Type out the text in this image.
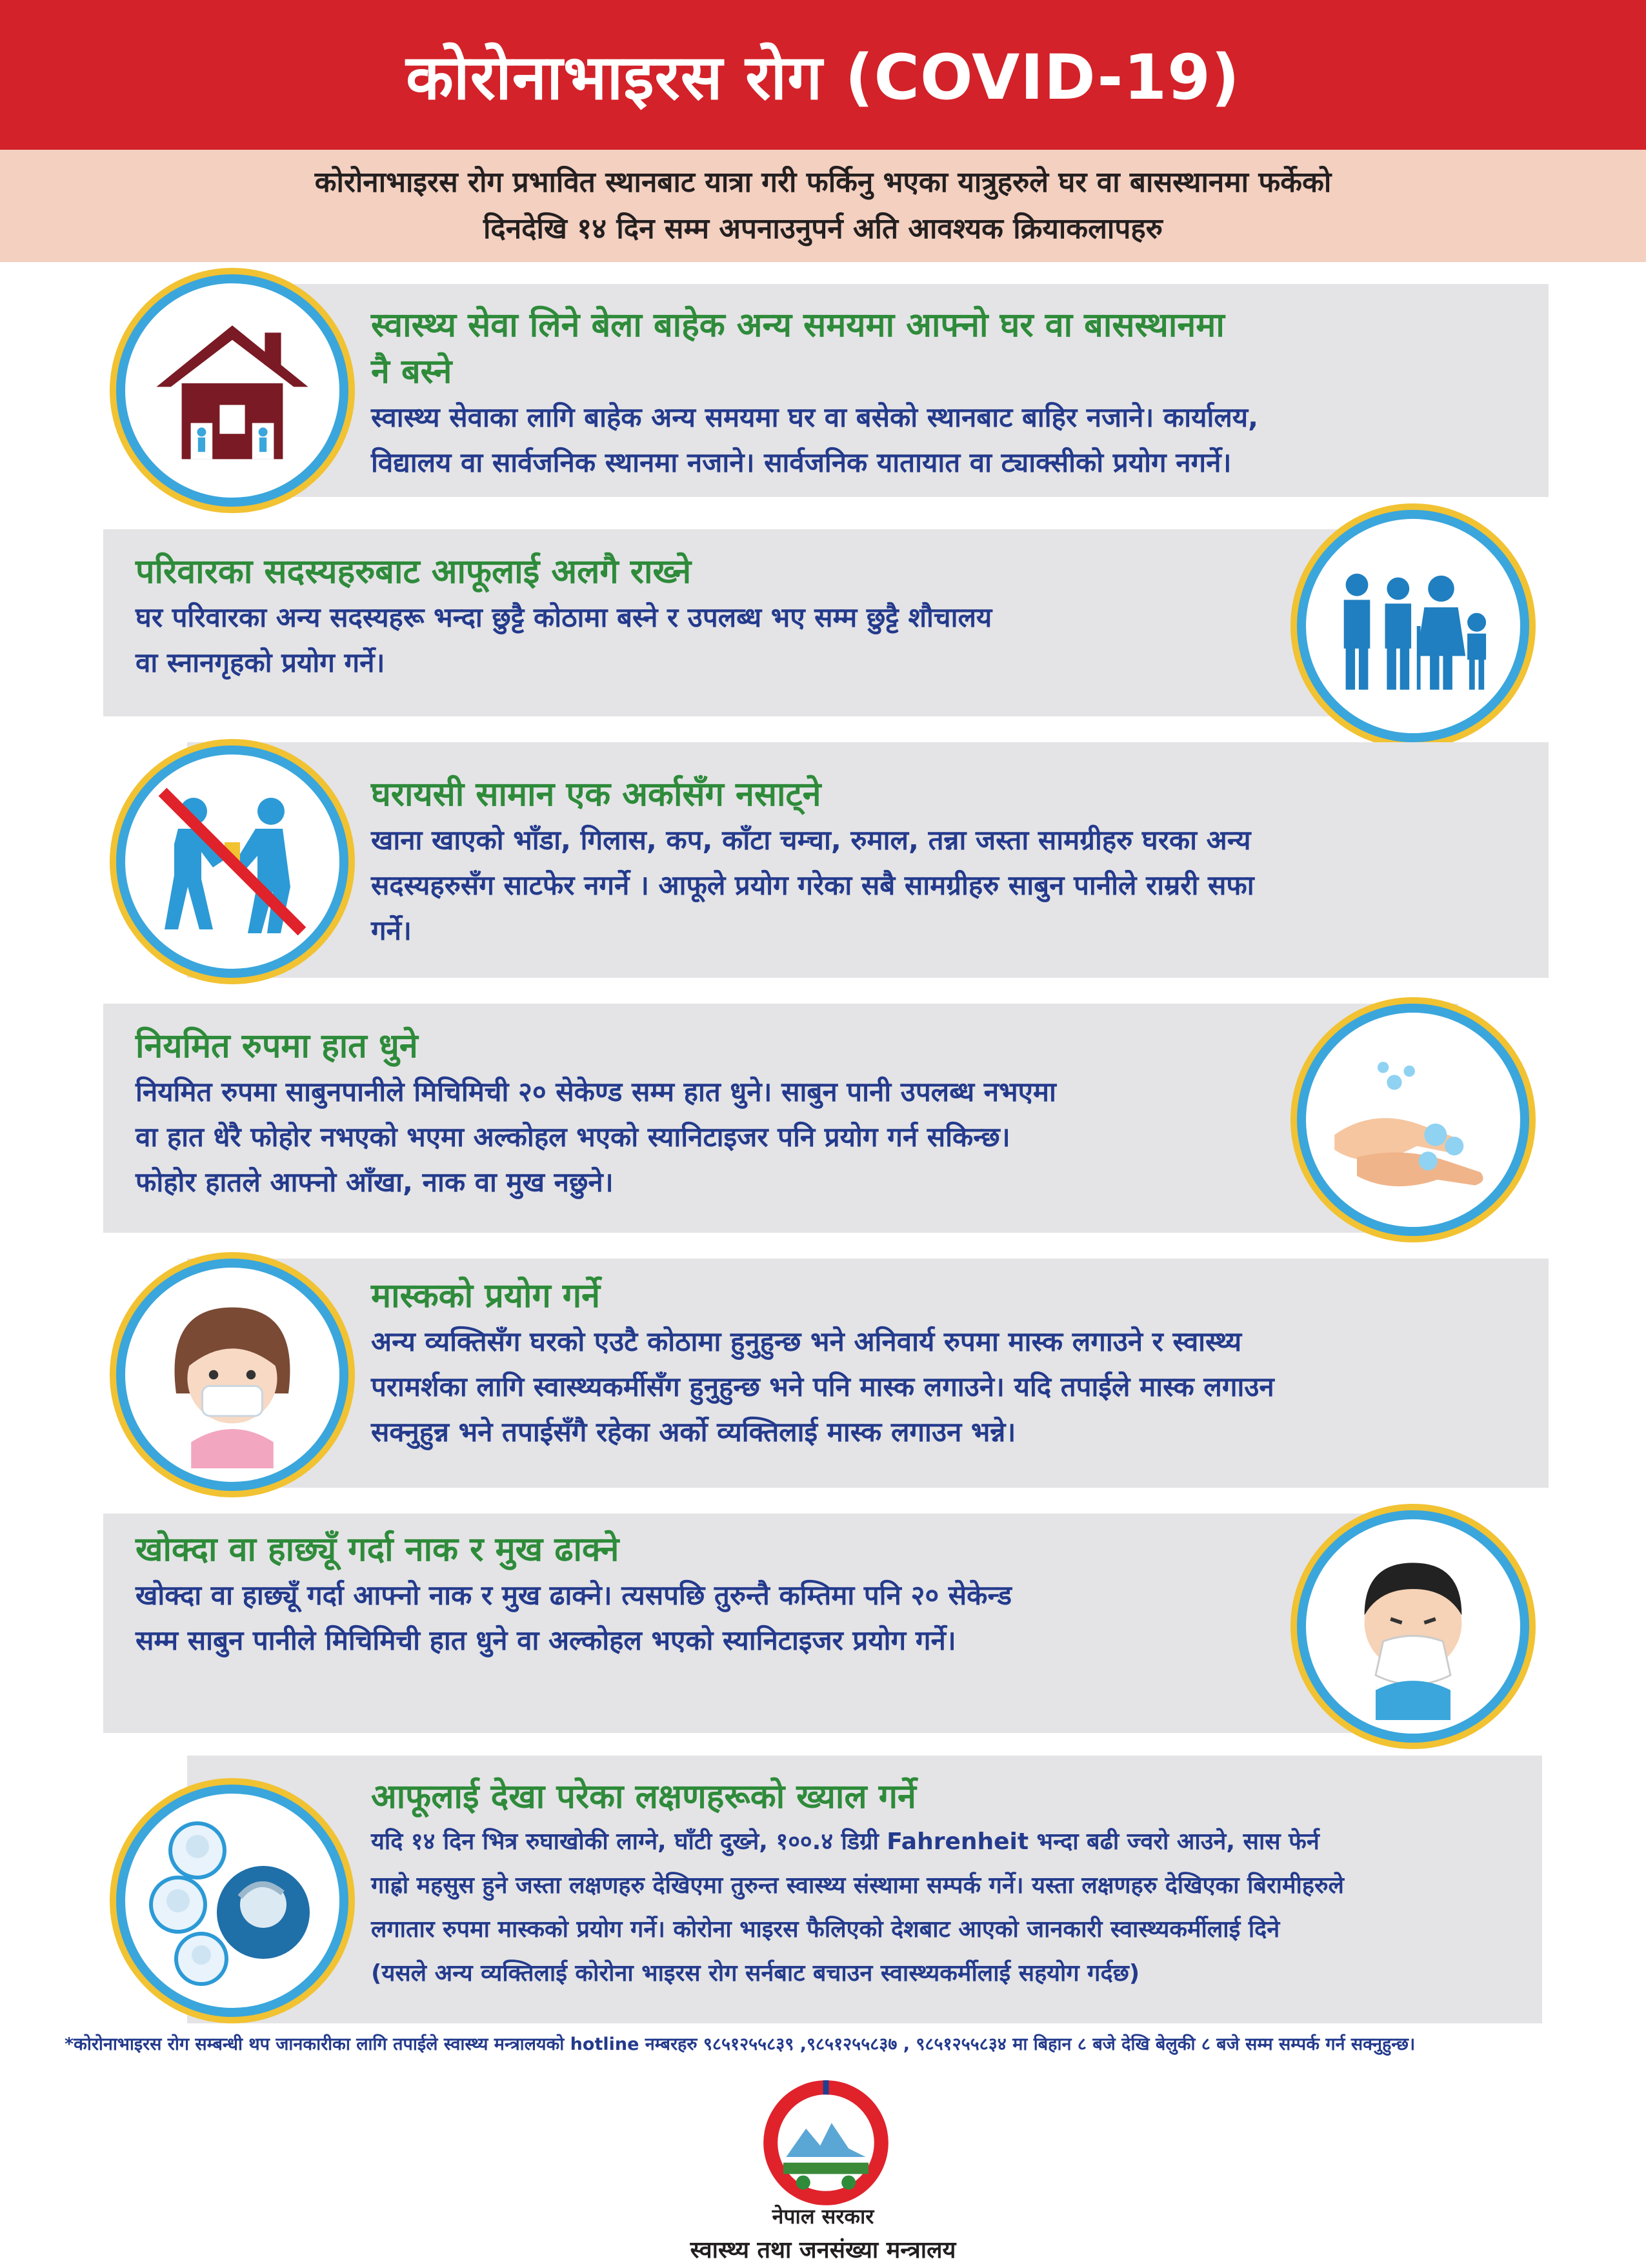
कोरोनाभाइरस रोग (COVID-19)

कोरोनाभाइरस रोग प्रभावित स्थानबाट यात्रा गरी फर्किनु भएका यात्रुहरुले घर वा बासस्थानमा फर्केको

दिनदेखि १४ दिन सम्म अपनाउनुपर्न अति आवश्यक क्रियाकलापहरु

स्वास्थ्य सेवा लिने बेला बाहेक अन्य समयमा आफ्नो घर वा बासस्थानमा

नै बस्ने

स्वास्थ्य सेवाका लागि बाहेक अन्य समयमा घर वा बसेको स्थानबाट बाहिर नजाने। कार्यालय,

विद्यालय वा सार्वजनिक स्थानमा नजाने। सार्वजनिक यातायात वा ट्याक्सीको प्रयोग नगर्ने।

परिवारका सदस्यहरुबाट आफूलाई अलगै राख्ने

घर परिवारका अन्य सदस्यहरू भन्दा छुट्टै कोठामा बस्ने र उपलब्ध भए सम्म छुट्टै शौचालय

वा स्नानगृहको प्रयोग गर्ने।

घरायसी सामान एक अर्कासँग नसाट्ने

खाना खाएको भाँडा, गिलास, कप, काँटा चम्चा, रुमाल, तन्ना जस्ता सामग्रीहरु घरका अन्य

सदस्यहरुसँग साटफेर नगर्ने । आफूले प्रयोग गरेका सबै सामग्रीहरु साबुन पानीले राम्ररी सफा

गर्ने।

नियमित रुपमा हात धुने

नियमित रुपमा साबुनपानीले मिचिमिची २० सेकेण्ड सम्म हात धुने। साबुन पानी उपलब्ध नभएमा

वा हात धेरै फोहोर नभएको भएमा अल्कोहल भएको स्यानिटाइजर पनि प्रयोग गर्न सकिन्छ।

फोहोर हातले आफ्नो आँखा, नाक वा मुख नछुने।

मास्कको प्रयोग गर्ने

अन्य व्यक्तिसँग घरको एउटै कोठामा हुनुहुन्छ भने अनिवार्य रुपमा मास्क लगाउने र स्वास्थ्य

परामर्शका लागि स्वास्थ्यकर्मीसँग हुनुहुन्छ भने पनि मास्क लगाउने। यदि तपाईले मास्क लगाउन

सक्नुहुन्न भने तपाईसँगै रहेका अर्को व्यक्तिलाई मास्क लगाउन भन्ने।

खोक्दा वा हाछ्यूँ गर्दा नाक र मुख ढाक्ने

खोक्दा वा हाछ्यूँ गर्दा आफ्नो नाक र मुख ढाक्ने। त्यसपछि तुरुन्तै कम्तिमा पनि २० सेकेन्ड

सम्म साबुन पानीले मिचिमिची हात धुने वा अल्कोहल भएको स्यानिटाइजर प्रयोग गर्ने।

आफूलाई देखा परेका लक्षणहरूको ख्याल गर्ने

यदि १४ दिन भित्र रुघाखोकी लाग्ने, घाँटी दुख्ने, १००.४ डिग्री Fahrenheit भन्दा बढी ज्वरो आउने, सास फेर्न

गाह्रो महसुस हुने जस्ता लक्षणहरु देखिएमा तुरुन्त स्वास्थ्य संस्थामा सम्पर्क गर्ने। यस्ता लक्षणहरु देखिएका बिरामीहरुले

लगातार रुपमा मास्कको प्रयोग गर्ने। कोरोना भाइरस फैलिएको देशबाट आएको जानकारी स्वास्थ्यकर्मीलाई दिने

(यसले अन्य व्यक्तिलाई कोरोना भाइरस रोग सर्नबाट बचाउन स्वास्थ्यकर्मीलाई सहयोग गर्दछ)

*कोरोनाभाइरस रोग सम्बन्धी थप जानकारीका लागि तपाईले स्वास्थ्य मन्त्रालयको hotline नम्बरहरु ९८५१२५५८३९ ,९८५१२५५८३७ , ९८५१२५५८३४ मा बिहान ८ बजे देखि बेलुकी ८ बजे सम्म सम्पर्क गर्न सक्नुहुन्छ।
नेपाल सरकार
स्वास्थ्य तथा जनसंख्या मन्त्रालय
